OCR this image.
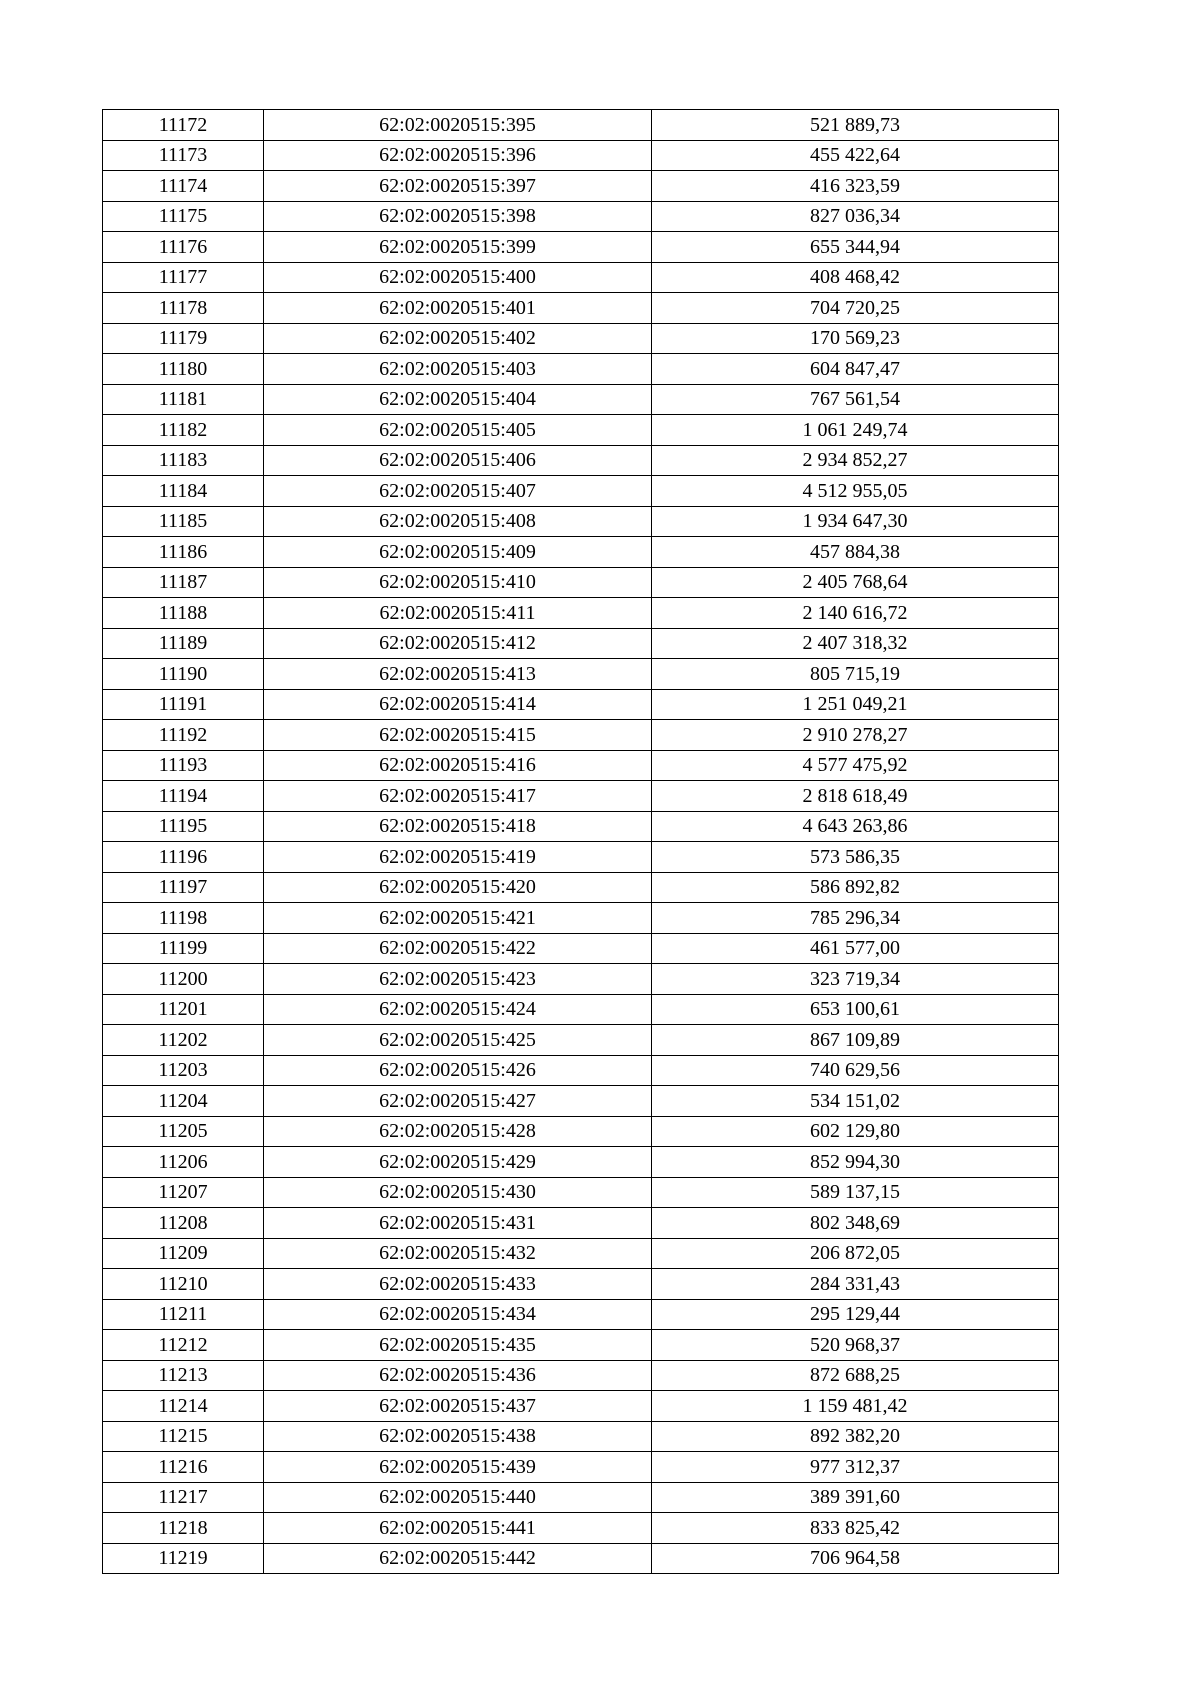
11172	62:02:0020515:395	521 889,73
11173	62:02:0020515:396	455 422,64
11174	62:02:0020515:397	416 323,59
11175	62:02:0020515:398	827 036,34
11176	62:02:0020515:399	655 344,94
11177	62:02:0020515:400	408 468,42
11178	62:02:0020515:401	704 720,25
11179	62:02:0020515:402	170 569,23
11180	62:02:0020515:403	604 847,47
11181	62:02:0020515:404	767 561,54
11182	62:02:0020515:405	1 061 249,74
11183	62:02:0020515:406	2 934 852,27
11184	62:02:0020515:407	4 512 955,05
11185	62:02:0020515:408	1 934 647,30
11186	62:02:0020515:409	457 884,38
11187	62:02:0020515:410	2 405 768,64
11188	62:02:0020515:411	2 140 616,72
11189	62:02:0020515:412	2 407 318,32
11190	62:02:0020515:413	805 715,19
11191	62:02:0020515:414	1 251 049,21
11192	62:02:0020515:415	2 910 278,27
11193	62:02:0020515:416	4 577 475,92
11194	62:02:0020515:417	2 818 618,49
11195	62:02:0020515:418	4 643 263,86
11196	62:02:0020515:419	573 586,35
11197	62:02:0020515:420	586 892,82
11198	62:02:0020515:421	785 296,34
11199	62:02:0020515:422	461 577,00
11200	62:02:0020515:423	323 719,34
11201	62:02:0020515:424	653 100,61
11202	62:02:0020515:425	867 109,89
11203	62:02:0020515:426	740 629,56
11204	62:02:0020515:427	534 151,02
11205	62:02:0020515:428	602 129,80
11206	62:02:0020515:429	852 994,30
11207	62:02:0020515:430	589 137,15
11208	62:02:0020515:431	802 348,69
11209	62:02:0020515:432	206 872,05
11210	62:02:0020515:433	284 331,43
11211	62:02:0020515:434	295 129,44
11212	62:02:0020515:435	520 968,37
11213	62:02:0020515:436	872 688,25
11214	62:02:0020515:437	1 159 481,42
11215	62:02:0020515:438	892 382,20
11216	62:02:0020515:439	977 312,37
11217	62:02:0020515:440	389 391,60
11218	62:02:0020515:441	833 825,42
11219	62:02:0020515:442	706 964,58
